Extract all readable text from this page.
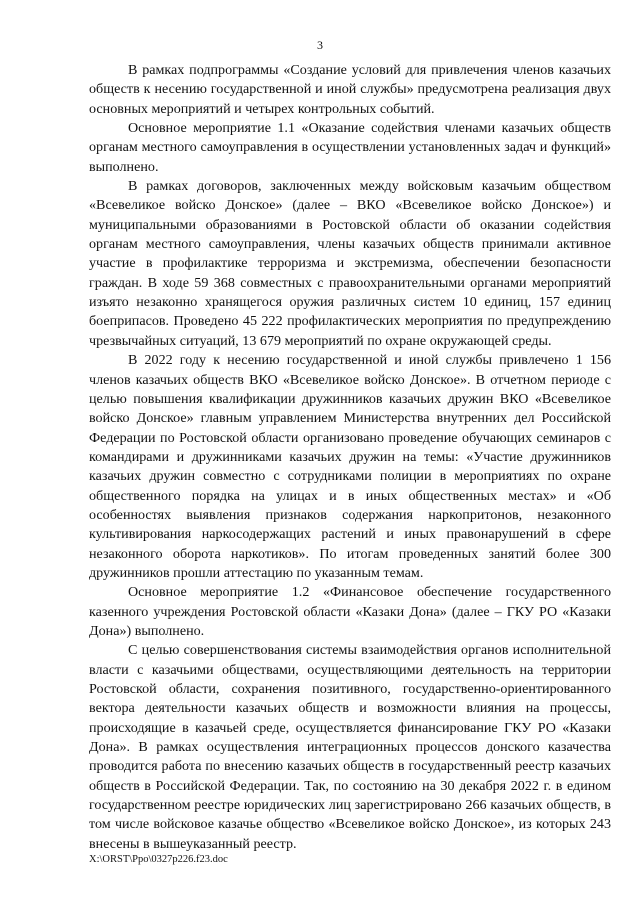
3

В рамках подпрограммы «Создание условий для привлечения членов казачьих обществ к несению государственной и иной службы» предусмотрена реализация двух основных мероприятий и четырех контрольных событий.

Основное мероприятие 1.1 «Оказание содействия членами казачьих обществ органам местного самоуправления в осуществлении установленных задач и функций» выполнено.

В рамках договоров, заключенных между войсковым казачьим обществом «Всевеликое войско Донское» (далее – ВКО «Всевеликое войско Донское») и муниципальными образованиями в Ростовской области об оказании содействия органам местного самоуправления, члены казачьих обществ принимали активное участие в профилактике терроризма и экстремизма, обеспечении безопасности граждан. В ходе 59 368 совместных с правоохранительными органами мероприятий изъято незаконно хранящегося оружия различных систем 10 единиц, 157 единиц боеприпасов. Проведено 45 222 профилактических мероприятия по предупреждению чрезвычайных ситуаций, 13 679 мероприятий по охране окружающей среды.

В 2022 году к несению государственной и иной службы привлечено 1 156 членов казачьих обществ ВКО «Всевеликое войско Донское». В отчетном периоде с целью повышения квалификации дружинников казачьих дружин ВКО «Всевеликое войско Донское» главным управлением Министерства внутренних дел Российской Федерации по Ростовской области организовано проведение обучающих семинаров с командирами и дружинниками казачьих дружин на темы: «Участие дружинников казачьих дружин совместно с сотрудниками полиции в мероприятиях по охране общественного порядка на улицах и в иных общественных местах» и «Об особенностях выявления признаков содержания наркопритонов, незаконного культивирования наркосодержащих растений и иных правонарушений в сфере незаконного оборота наркотиков». По итогам проведенных занятий более 300 дружинников прошли аттестацию по указанным темам.

Основное мероприятие 1.2 «Финансовое обеспечение государственного казенного учреждения Ростовской области «Казаки Дона» (далее – ГКУ РО «Казаки Дона») выполнено.

С целью совершенствования системы взаимодействия органов исполнительной власти с казачьими обществами, осуществляющими деятельность на территории Ростовской области, сохранения позитивного, государственно-ориентированного вектора деятельности казачьих обществ и возможности влияния на процессы, происходящие в казачьей среде, осуществляется финансирование ГКУ РО «Казаки Дона». В рамках осуществления интеграционных процессов донского казачества проводится работа по внесению казачьих обществ в государственный реестр казачьих обществ в Российской Федерации. Так, по состоянию на 30 декабря 2022 г. в едином государственном реестре юридических лиц зарегистрировано 266 казачьих обществ, в том числе войсковое казачье общество «Всевеликое войско Донское», из которых 243 внесены в вышеуказанный реестр.

X:\ORST\Ppo\0327p226.f23.doc
